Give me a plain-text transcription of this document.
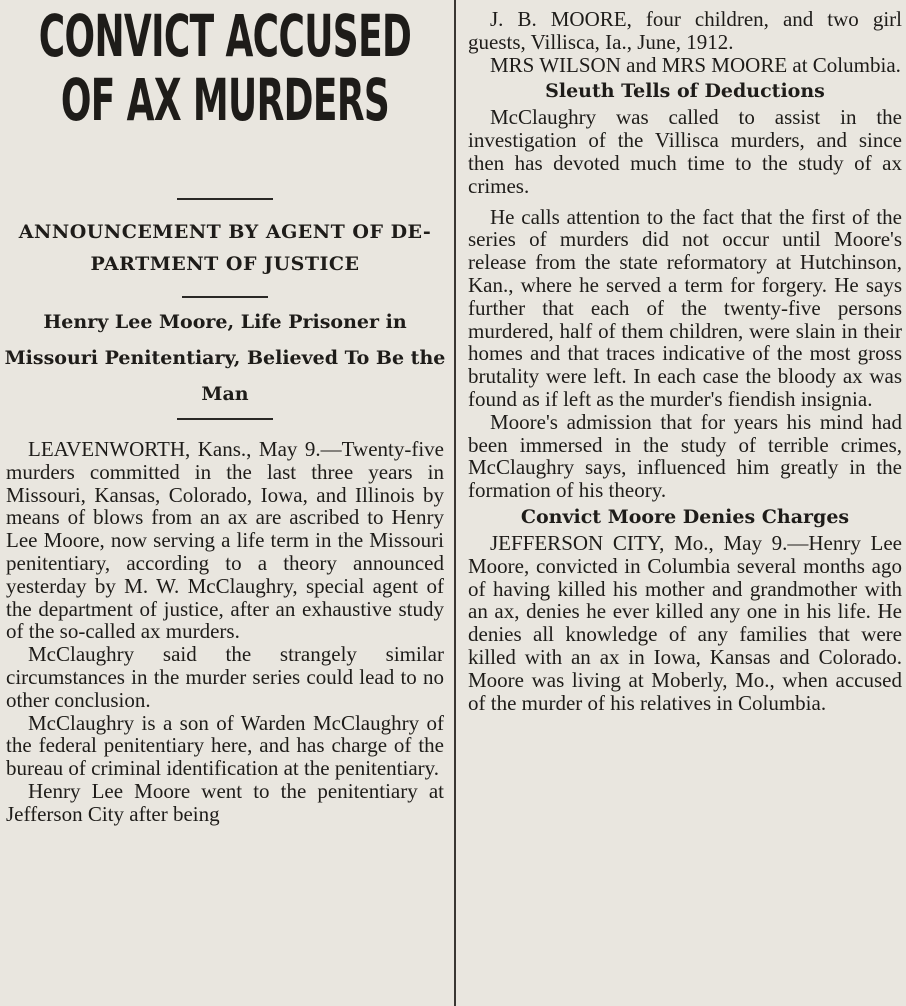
CONVICT ACCUSED
OF AX MURDERS
ANNOUNCEMENT BY AGENT OF DE-PARTMENT OF JUSTICE
Henry Lee Moore, Life Prisoner in Missouri Penitentiary, Believed To Be the Man

LEAVENWORTH, Kans., May 9.—Twenty-five murders committed in the last three years in Missouri, Kansas, Colorado, Iowa, and Illinois by means of blows from an ax are ascribed to Henry Lee Moore, now serving a life term in the Missouri penitentiary, according to a theory announced yesterday by M. W. McClaughry, special agent of the department of justice, after an exhaustive study of the so-called ax murders.

McClaughry said the strangely similar circumstances in the murder series could lead to no other conclusion.

McClaughry is a son of Warden McClaughry of the federal penitentiary here, and has charge of the bureau of criminal identification at the penitentiary.

Henry Lee Moore went to the penitentiary at Jefferson City after being

J. B. MOORE, four children, and two girl guests, Villisca, Ia., June, 1912.

MRS WILSON and MRS MOORE at Columbia.

Sleuth Tells of Deductions

McClaughry was called to assist in the investigation of the Villisca murders, and since then has devoted much time to the study of ax crimes.

He calls attention to the fact that the first of the series of murders did not occur until Moore's release from the state reformatory at Hutchinson, Kan., where he served a term for forgery. He says further that each of the twenty-five persons murdered, half of them children, were slain in their homes and that traces indicative of the most gross brutality were left. In each case the bloody ax was found as if left as the murder's fiendish insignia.

Moore's admission that for years his mind had been immersed in the study of terrible crimes, McClaughry says, influenced him greatly in the formation of his theory.

Convict Moore Denies Charges

JEFFERSON CITY, Mo., May 9.—Henry Lee Moore, convicted in Columbia several months ago of having killed his mother and grandmother with an ax, denies he ever killed any one in his life. He denies all knowledge of any families that were killed with an ax in Iowa, Kansas and Colorado. Moore was living at Moberly, Mo., when accused of the murder of his relatives in Columbia.
